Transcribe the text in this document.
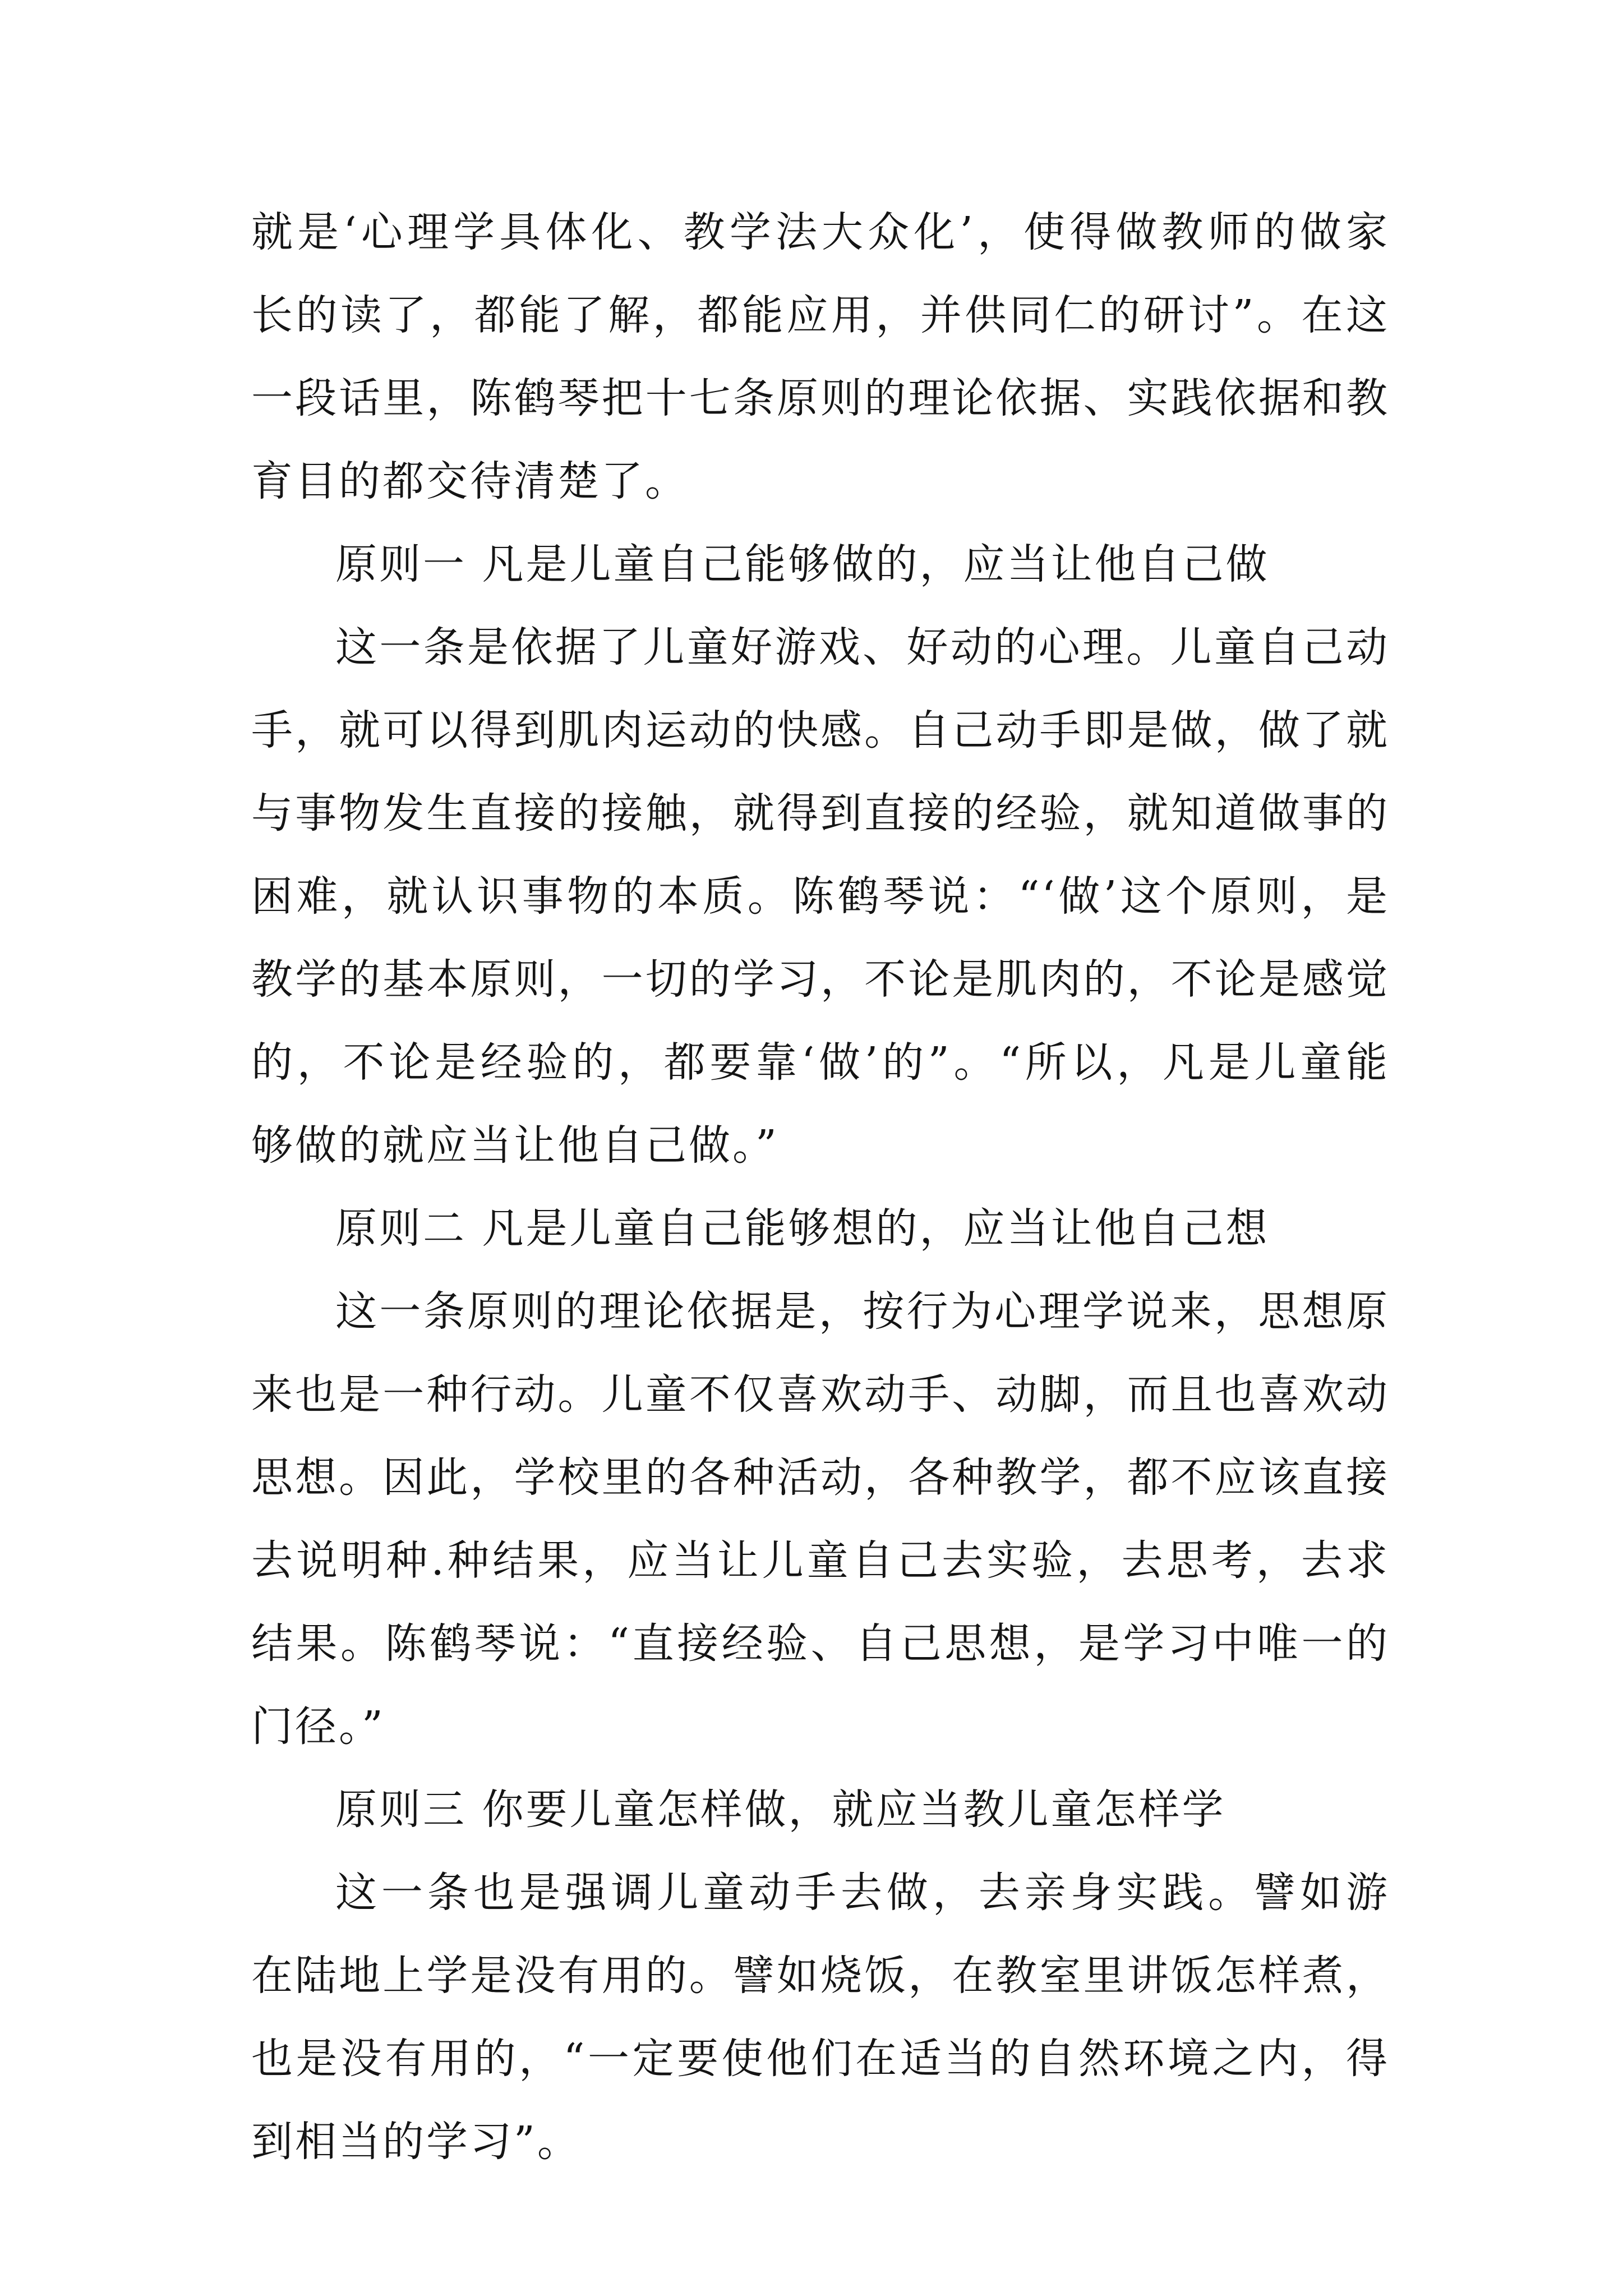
就是‘心理学具体化、教学法大众化’，使得做教师的做家
长的读了，都能了解，都能应用，并供同仁的研讨”。在这
一段话里，陈鹤琴把十七条原则的理论依据、实践依据和教
育目的都交待清楚了。
原则一 凡是儿童自己能够做的，应当让他自己做
这一条是依据了儿童好游戏、好动的心理。儿童自己动
手，就可以得到肌肉运动的快感。自己动手即是做，做了就
与事物发生直接的接触，就得到直接的经验，就知道做事的
困难，就认识事物的本质。陈鹤琴说：“‘做’这个原则，是
教学的基本原则，一切的学习，不论是肌肉的，不论是感觉
的，不论是经验的，都要靠‘做’的”。“所以，凡是儿童能
够做的就应当让他自己做。”
原则二 凡是儿童自己能够想的，应当让他自己想
这一条原则的理论依据是，按行为心理学说来，思想原
来也是一种行动。儿童不仅喜欢动手、动脚，而且也喜欢动
思想。因此，学校里的各种活动，各种教学，都不应该直接
去说明种.种结果，应当让儿童自己去实验，去思考，去求
结果。陈鹤琴说：“直接经验、自己思想，是学习中唯一的
门径。”
原则三 你要儿童怎样做，就应当教儿童怎样学
这一条也是强调儿童动手去做，去亲身实践。譬如游
在陆地上学是没有用的。譬如烧饭，在教室里讲饭怎样煮，
也是没有用的，“一定要使他们在适当的自然环境之内，得
到相当的学习”。
